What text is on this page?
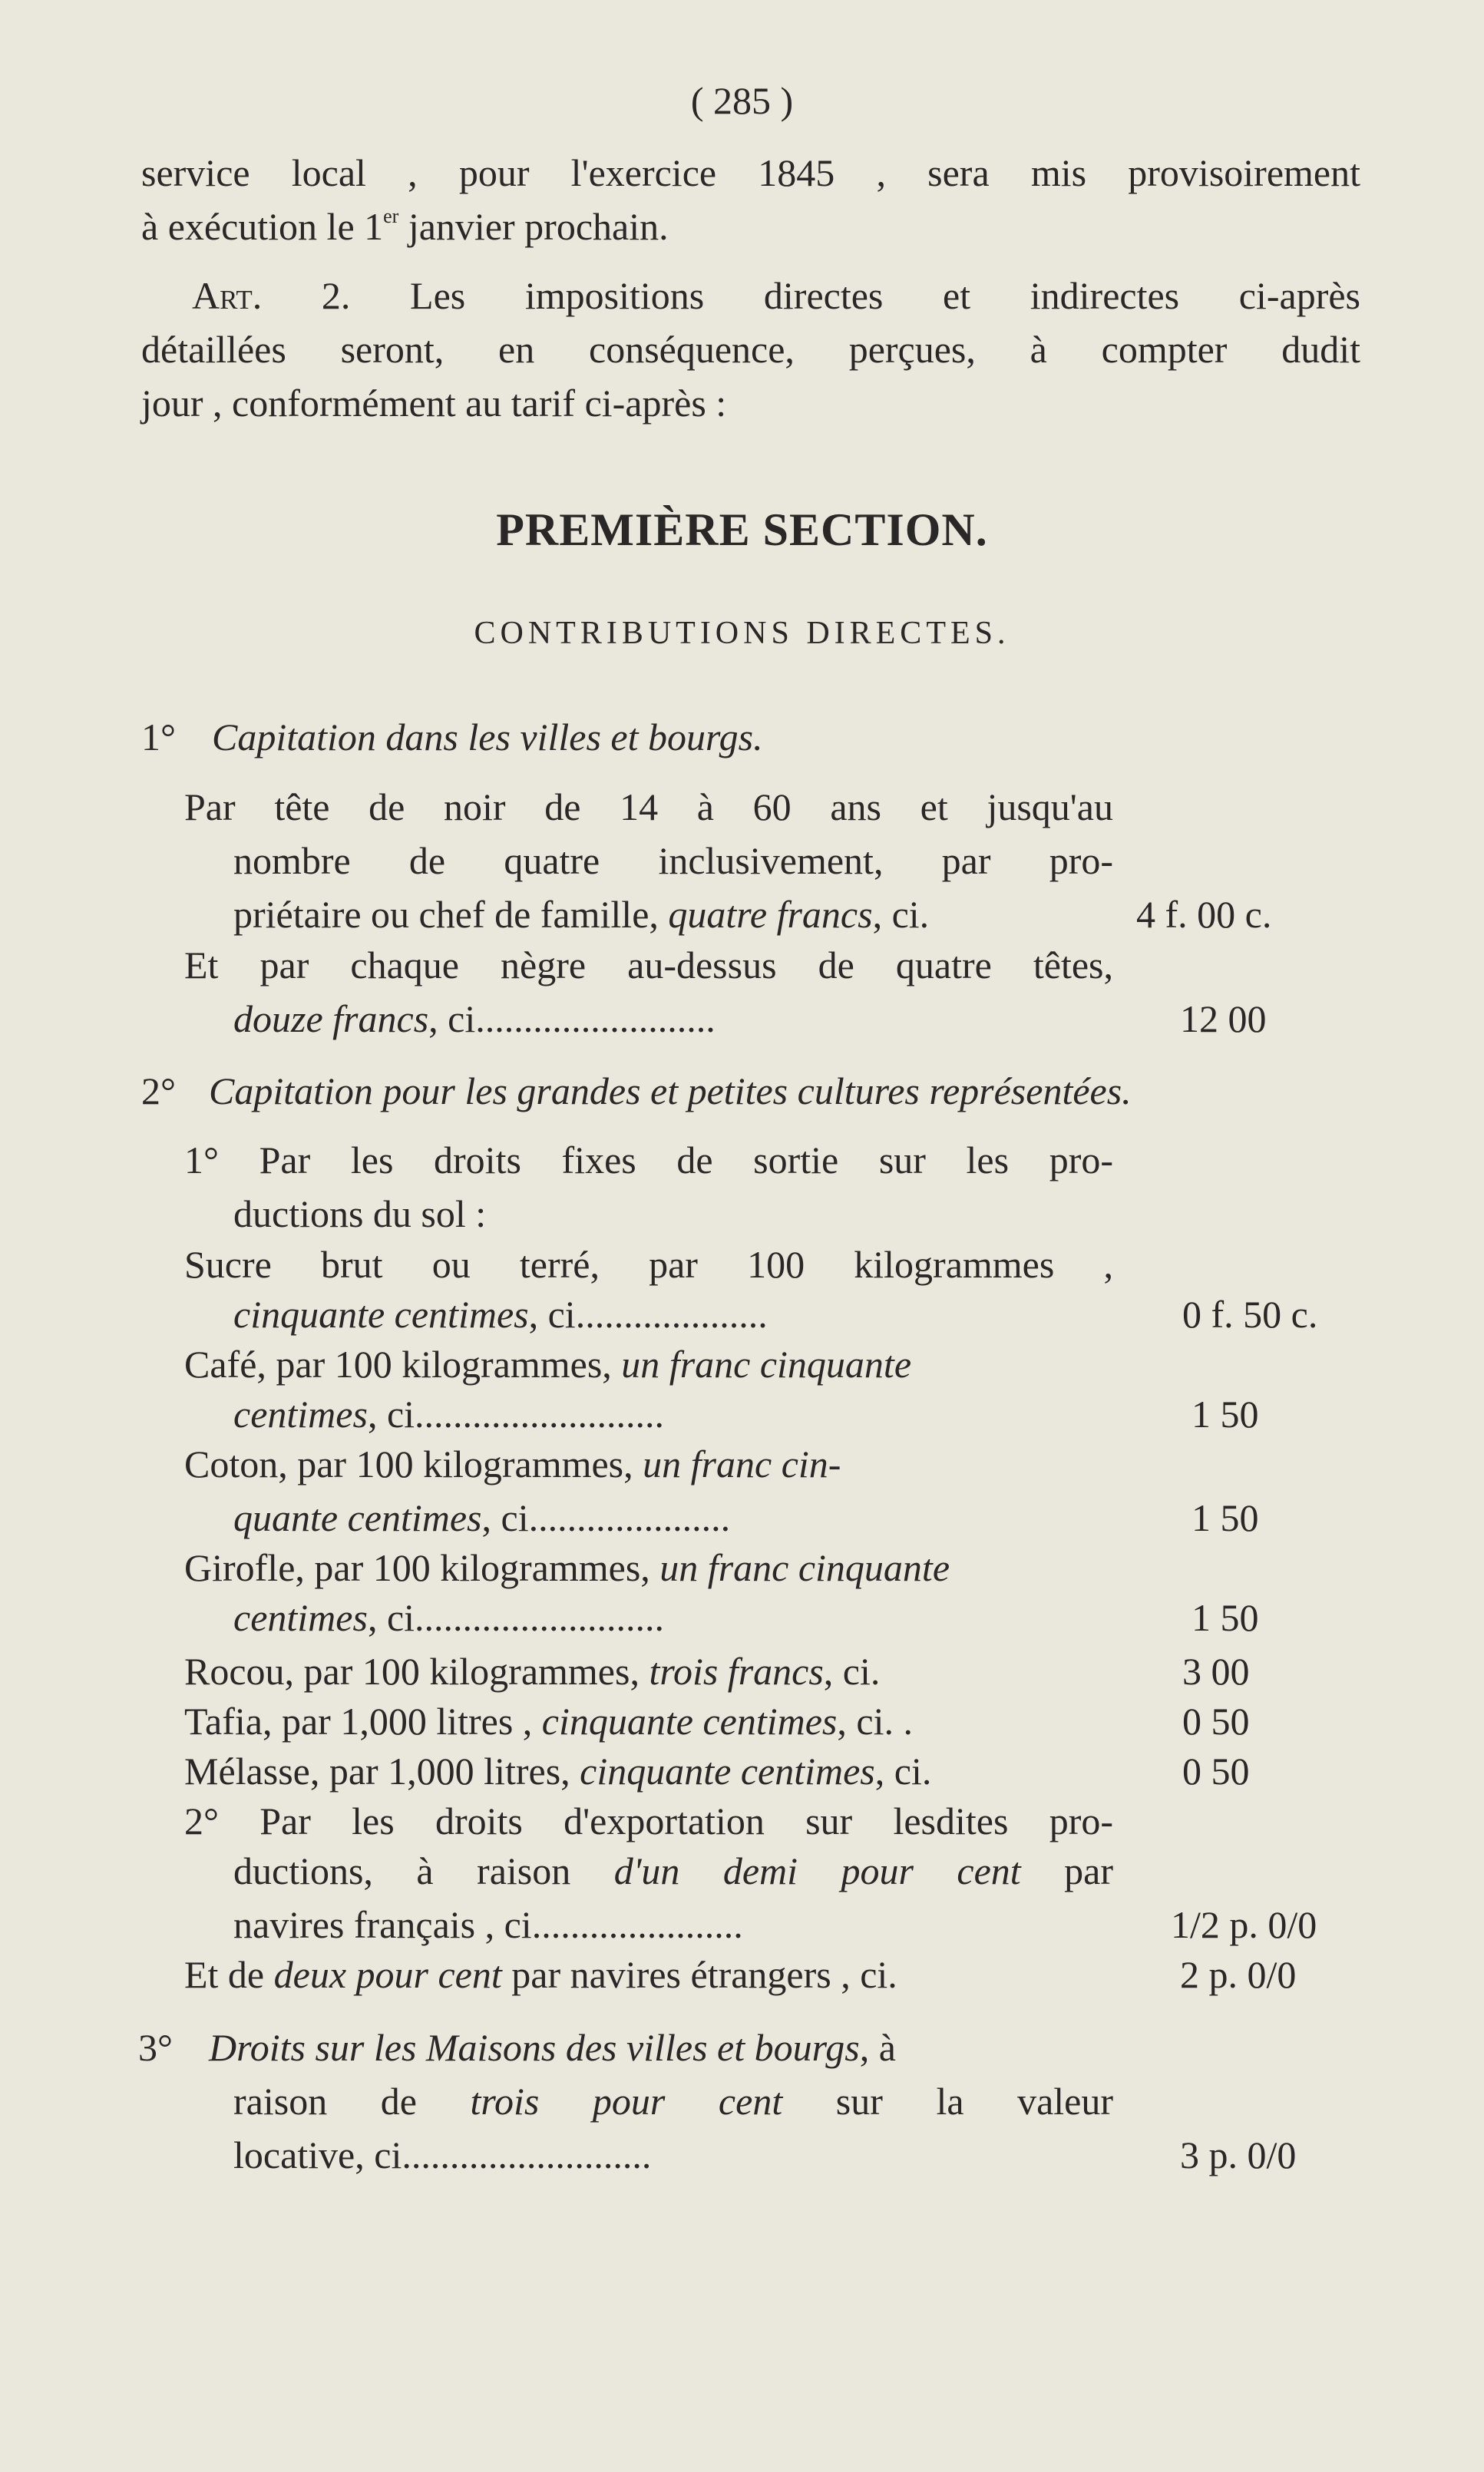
( 285 )
service local , pour l'exercice 1845 , sera mis provisoirement
à exécution le 1er janvier prochain.
Art. 2. Les impositions directes et indirectes ci-après
détaillées seront, en conséquence, perçues, à compter dudit
jour , conformément au tarif ci-après :
PREMIÈRE SECTION.
CONTRIBUTIONS DIRECTES.
1° Capitation dans les villes et bourgs.
Par tête de noir de 14 à 60 ans et jusqu'au
nombre de quatre inclusivement, par pro-
priétaire ou chef de famille, quatre francs, ci.	4 f. 00 c.
Et par chaque nègre au-dessus de quatre têtes,
douze francs, ci.........................	12 00
2° Capitation pour les grandes et petites cultures représentées.
1° Par les droits fixes de sortie sur les pro-
ductions du sol :
Sucre brut ou terré, par 100 kilogrammes ,
cinquante centimes, ci....................	0 f. 50 c.
Café, par 100 kilogrammes, un franc cinquante
centimes, ci..........................	1 50
Coton, par 100 kilogrammes, un franc cin-
quante centimes, ci.....................	1 50
Girofle, par 100 kilogrammes, un franc cinquante
centimes, ci..........................	1 50
Rocou, par 100 kilogrammes, trois francs, ci.	3 00
Tafia, par 1,000 litres , cinquante centimes, ci. .	0 50
Mélasse, par 1,000 litres, cinquante centimes, ci.	0 50
2° Par les droits d'exportation sur lesdites pro-
ductions, à raison d'un demi pour cent par
navires français , ci......................	1/2 p. 0/0
Et de deux pour cent par navires étrangers , ci.	2 p. 0/0
3° Droits sur les Maisons des villes et bourgs, à
raison de trois pour cent sur la valeur
locative, ci..........................	3 p. 0/0
